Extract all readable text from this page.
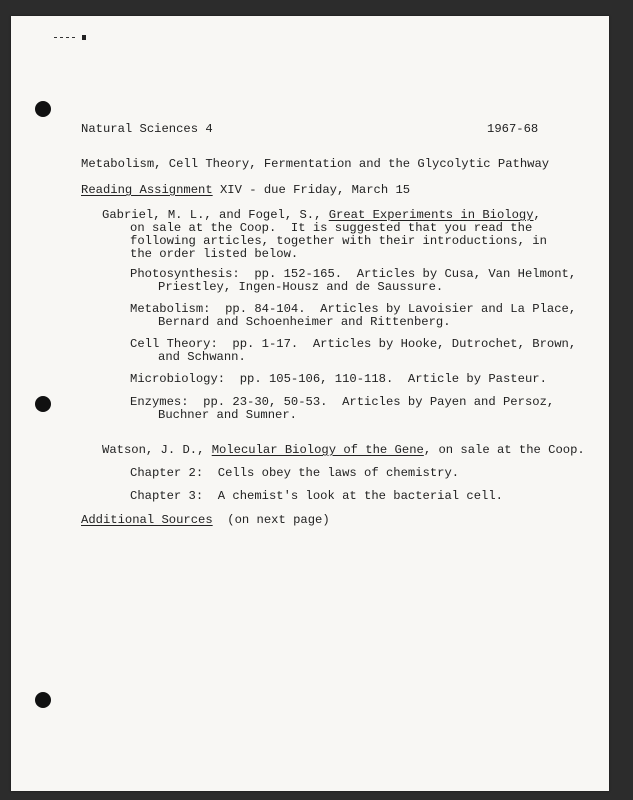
Natural Sciences 4	1967-68
Metabolism, Cell Theory, Fermentation and the Glycolytic Pathway
Reading Assignment XIV - due Friday, March 15
Gabriel, M. L., and Fogel, S., Great Experiments in Biology,
on sale at the Coop.  It is suggested that you read the
following articles, together with their introductions, in
the order listed below.
Photosynthesis:  pp. 152-165.  Articles by Cusa, Van Helmont,
Priestley, Ingen-Housz and de Saussure.
Metabolism:  pp. 84-104.  Articles by Lavoisier and La Place,
Bernard and Schoenheimer and Rittenberg.
Cell Theory:  pp. 1-17.  Articles by Hooke, Dutrochet, Brown,
and Schwann.
Microbiology:  pp. 105-106, 110-118.  Article by Pasteur.
Enzymes:  pp. 23-30, 50-53.  Articles by Payen and Persoz,
Buchner and Sumner.
Watson, J. D., Molecular Biology of the Gene, on sale at the Coop.
Chapter 2:  Cells obey the laws of chemistry.
Chapter 3:  A chemist's look at the bacterial cell.
Additional Sources  (on next page)
